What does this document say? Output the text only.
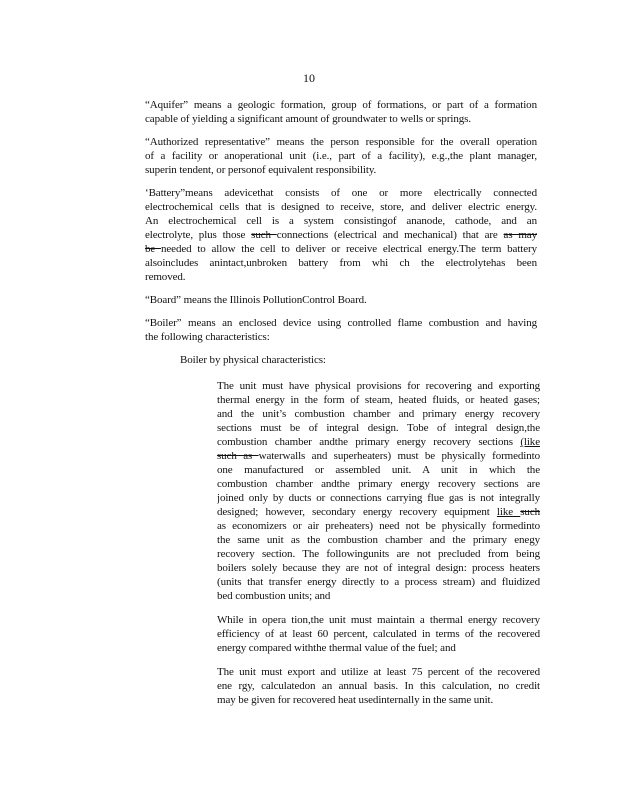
10

“Aquifer” means a geologic formation, group of formations, or part of a formation
capable of yielding a significant amount of groundwater to wells or springs.

“Authorized representative” means the person responsible for the overall operation
of a facility or anoperational unit (i.e., part of a facility), e.g.,the plant manager,
superin tendent, or personof equivalent responsibility.

‘Battery”means adevicethat consists of one or more electrically connected
electrochemical cells that is designed to receive, store, and deliver electric energy.
An electrochemical cell is a system consistingof ananode, cathode, and an
electrolyte, plus those such connections (electrical and mechanical) that are as may
be needed to allow the cell to deliver or receive electrical energy.The term battery
alsoincludes anintact,unbroken battery from whi ch the electrolytehas been
removed.

“Board” means the Illinois PollutionControl Board.

“Boiler” means an enclosed device using controlled flame combustion and having
the following characteristics:

Boiler by physical characteristics:

The unit must have physical provisions for recovering and exporting
thermal energy in the form of steam, heated fluids, or heated gases;
and the unit’s combustion chamber and primary energy recovery
sections must be of integral design. Tobe of integral design,the
combustion chamber andthe primary energy recovery sections (like
such as waterwalls and superheaters) must be physically formedinto
one manufactured or assembled unit. A unit in which the
combustion chamber andthe primary energy recovery sections are
joined only by ducts or connections carrying flue gas is not integrally
designed; however, secondary energy recovery equipment like such
as economizers or air preheaters) need not be physically formedinto
the same unit as the combustion chamber and the primary enegy
recovery section. The followingunits are not precluded from being
boilers solely because they are not of integral design: process heaters
(units that transfer energy directly to a process stream) and fluidized
bed combustion units; and

While in opera tion,the unit must maintain a thermal energy recovery
efficiency of at least 60 percent, calculated in terms of the recovered
energy compared withthe thermal value of the fuel; and

The unit must export and utilize at least 75 percent of the recovered
ene rgy, calculatedon an annual basis. In this calculation, no credit
may be given for recovered heat usedinternally in the same unit.
